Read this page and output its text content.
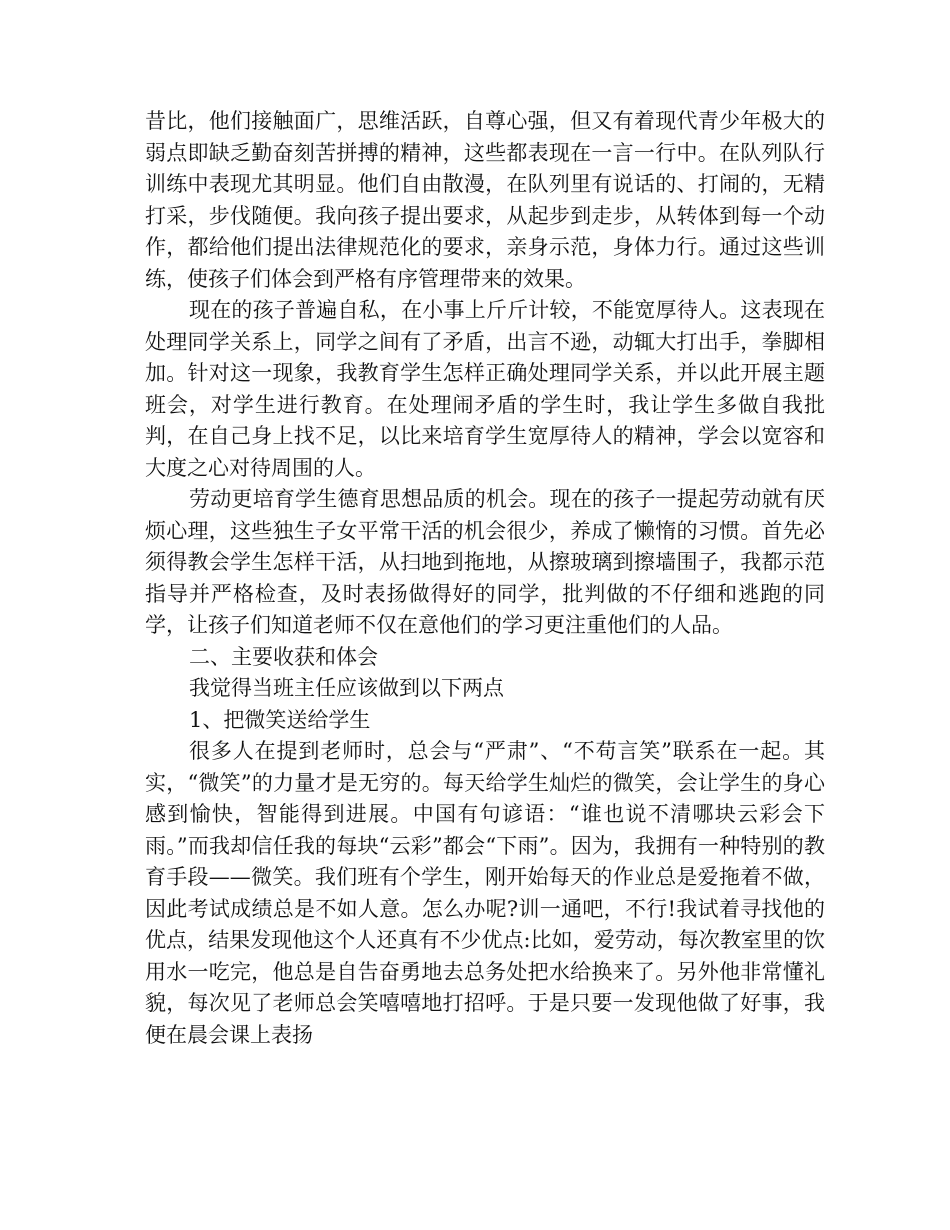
昔比，他们接触面广，思维活跃，自尊心强，但又有着现代青少年极大的弱点即缺乏勤奋刻苦拼搏的精神，这些都表现在一言一行中。在队列队行训练中表现尤其明显。他们自由散漫，在队列里有说话的、打闹的，无精打采，步伐随便。我向孩子提出要求，从起步到走步，从转体到每一个动作，都给他们提出法律规范化的要求，亲身示范，身体力行。通过这些训练，使孩子们体会到严格有序管理带来的效果。

现在的孩子普遍自私，在小事上斤斤计较，不能宽厚待人。这表现在处理同学关系上，同学之间有了矛盾，出言不逊，动辄大打出手，拳脚相加。针对这一现象，我教育学生怎样正确处理同学关系，并以此开展主题班会，对学生进行教育。在处理闹矛盾的学生时，我让学生多做自我批判，在自己身上找不足，以比来培育学生宽厚待人的精神，学会以宽容和大度之心对待周围的人。

劳动更培育学生德育思想品质的机会。现在的孩子一提起劳动就有厌烦心理，这些独生子女平常干活的机会很少，养成了懒惰的习惯。首先必须得教会学生怎样干活，从扫地到拖地，从擦玻璃到擦墙围子，我都示范指导并严格检查，及时表扬做得好的同学，批判做的不仔细和逃跑的同学，让孩子们知道老师不仅在意他们的学习更注重他们的人品。

二、主要收获和体会

我觉得当班主任应该做到以下两点

1、把微笑送给学生

很多人在提到老师时，总会与“严肃”、“不苟言笑”联系在一起。其实，“微笑”的力量才是无穷的。每天给学生灿烂的微笑，会让学生的身心感到愉快，智能得到进展。中国有句谚语：“谁也说不清哪块云彩会下雨。”而我却信任我的每块“云彩”都会“下雨”。因为，我拥有一种特别的教育手段——微笑。我们班有个学生，刚开始每天的作业总是爱拖着不做，因此考试成绩总是不如人意。怎么办呢?训一通吧，不行!我试着寻找他的优点，结果发现他这个人还真有不少优点:比如，爱劳动，每次教室里的饮用水一吃完，他总是自告奋勇地去总务处把水给换来了。另外他非常懂礼貌，每次见了老师总会笑嘻嘻地打招呼。于是只要一发现他做了好事，我便在晨会课上表扬
